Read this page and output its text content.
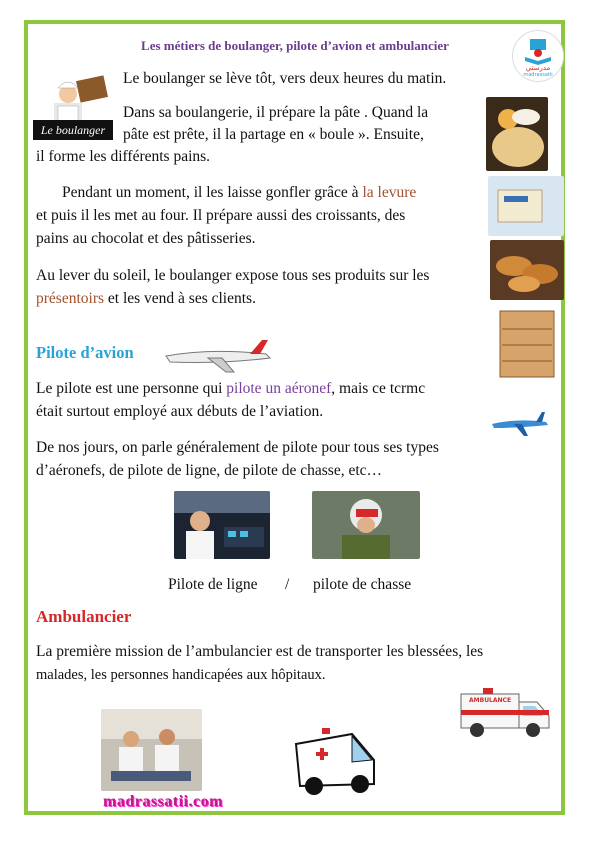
Les métiers de boulanger, pilote d’avion et ambulancier
مدرستي
madrassatii
Le boulanger
Le boulanger se lève tôt, vers deux heures du matin.
Dans sa boulangerie, il prépare la pâte . Quand la
pâte est prête, il la partage en « boule ». Ensuite,
il forme les différents pains.
Pendant un moment, il les laisse gonfler grâce à la levure
et puis il les met au four. Il prépare aussi des croissants, des
pains au chocolat et des pâtisseries.
Au lever du soleil, le boulanger expose tous ses produits sur les
présentoirs et les vend à ses clients.
Pilote d’avion
Le pilote est une personne qui pilote un aéronef, mais ce tcrmc
était surtout employé aux débuts de l’aviation.
De nos jours, on parle généralement de pilote pour tous ses types
d’aéronefs, de pilote de ligne, de pilote de chasse, etc…
Pilote de ligne / pilote de chasse
Ambulancier
La première mission de l’ambulancier est de transporter les blessées, les
malades, les personnes handicapées aux hôpitaux.
AMBULANCE
madrassatii.com
